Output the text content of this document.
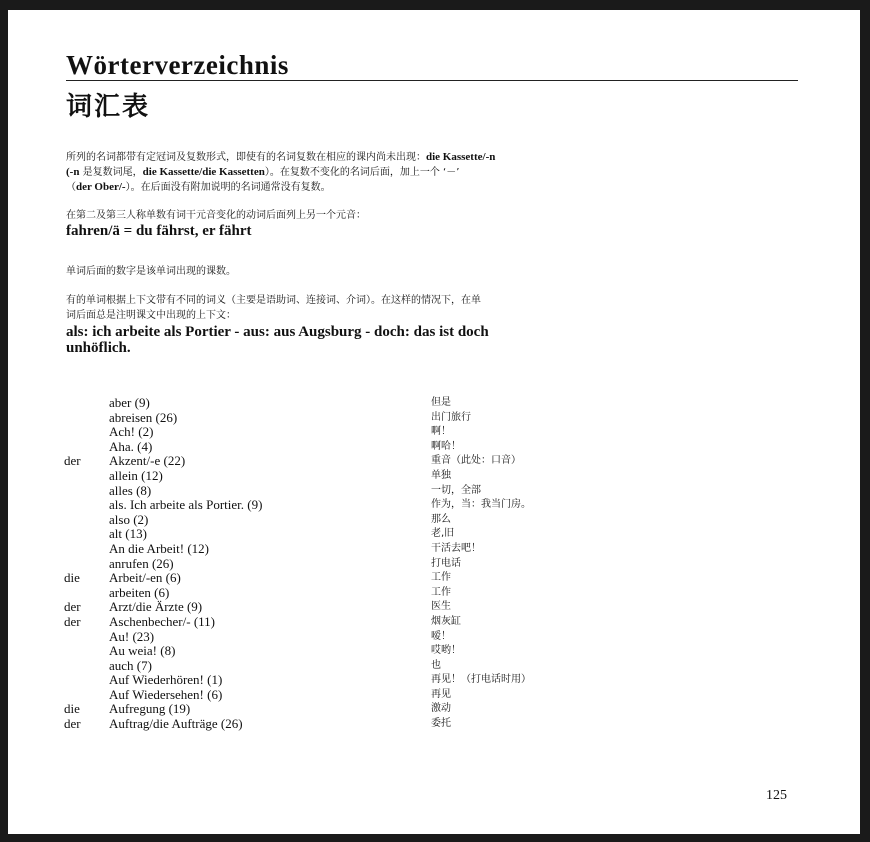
Wörterverzeichnis
词汇表

所列的名词都带有定冠词及复数形式，即使有的名词复数在相应的课内尚未出现：die Kassette/-n
(-n 是复数词尾，die Kassette/die Kassetten）。在复数不变化的名词后面，加上一个 ‘－’
（der Ober/-）。在后面没有附加说明的名词通常没有复数。

在第二及第三人称单数有词干元音变化的动词后面列上另一个元音：

fahren/ä = du fährst, er fährt

单词后面的数字是该单词出现的课数。

有的单词根据上下文带有不同的词义（主要是语助词、连接词、介词）。在这样的情况下，在单
词后面总是注明课文中出现的上下文：

als: ich arbeite als Portier - aus: aus Augsburg - doch: das ist doch
unhöflich.

aber (9)	但是
abreisen (26)	出门旅行
Ach! (2)	啊！
Aha. (4)	啊哈！
der Akzent/-e (22)	重音（此处：口音）
allein (12)	单独
alles (8)	一切，全部
als. Ich arbeite als Portier. (9)	作为，当：我当门房。
also (2)	那么
alt (13)	老,旧
An die Arbeit! (12)	干活去吧！
anrufen (26)	打电话
die Arbeit/-en (6)	工作
arbeiten (6)	工作
der Arzt/die Ärzte (9)	医生
der Aschenbecher/- (11)	烟灰缸
Au! (23)	嗳！
Au weia! (8)	哎哟！
auch (7)	也
Auf Wiederhören! (1)	再见！（打电话时用）
Auf Wiedersehen! (6)	再见
die Aufregung (19)	激动
der Auftrag/die Aufträge (26)	委托
125
